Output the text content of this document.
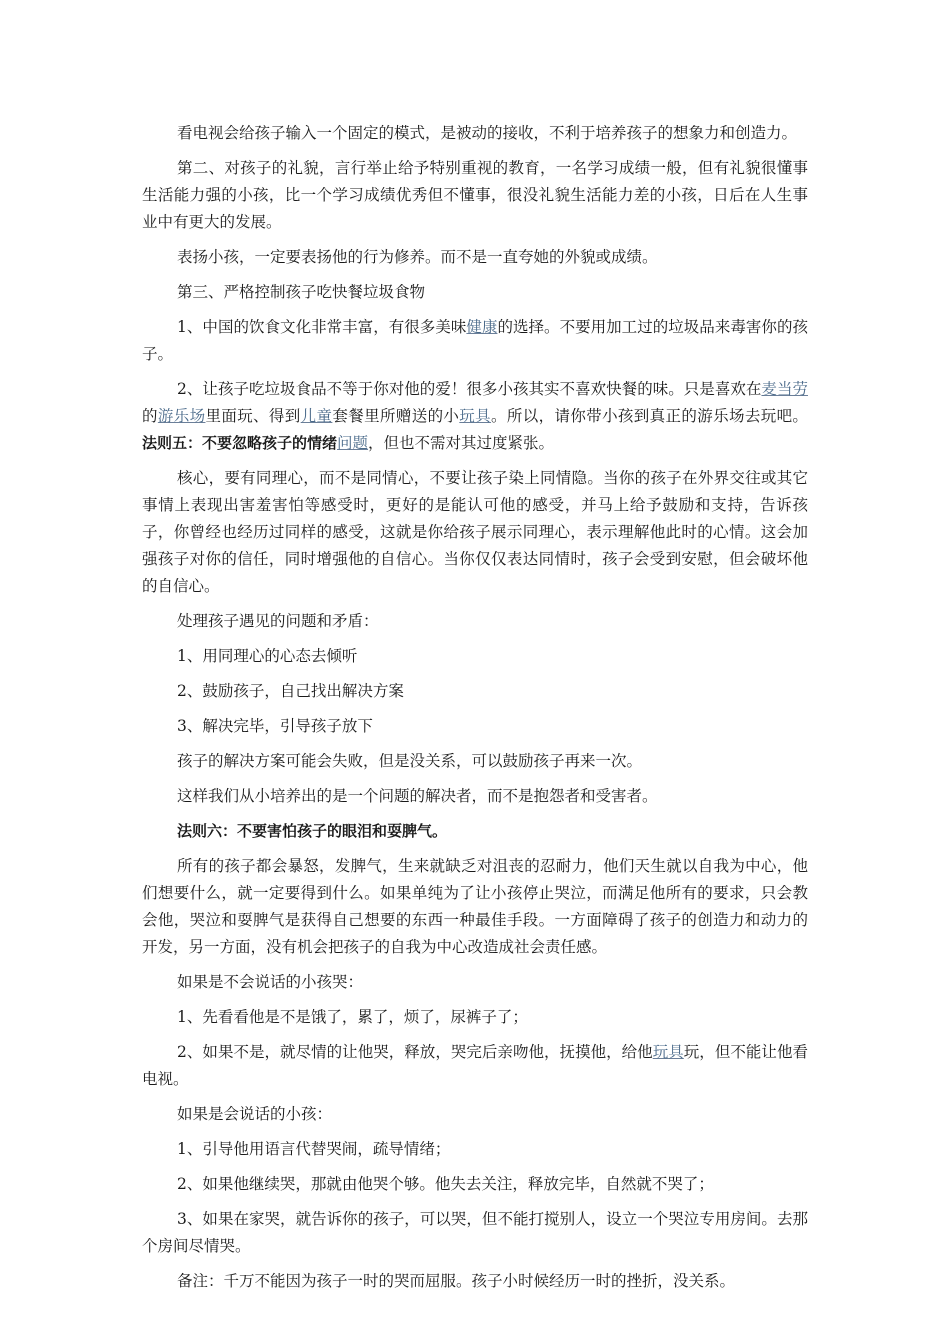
看电视会给孩子输入一个固定的模式，是被动的接收，不利于培养孩子的想象力和创造力。

第二、对孩子的礼貌，言行举止给予特别重视的教育，一名学习成绩一般，但有礼貌很懂事生活能力强的小孩，比一个学习成绩优秀但不懂事，很没礼貌生活能力差的小孩，日后在人生事业中有更大的发展。

表扬小孩，一定要表扬他的行为修养。而不是一直夸她的外貌或成绩。

第三、严格控制孩子吃快餐垃圾食物

1、中国的饮食文化非常丰富，有很多美味健康的选择。不要用加工过的垃圾品来毒害你的孩子。

2、让孩子吃垃圾食品不等于你对他的爱！很多小孩其实不喜欢快餐的味。只是喜欢在麦当劳的游乐场里面玩、得到儿童套餐里所赠送的小玩具。所以，请你带小孩到真正的游乐场去玩吧。法则五：不要忽略孩子的情绪问题，但也不需对其过度紧张。

核心，要有同理心，而不是同情心，不要让孩子染上同情隐。当你的孩子在外界交往或其它事情上表现出害羞害怕等感受时，更好的是能认可他的感受，并马上给予鼓励和支持，告诉孩子，你曾经也经历过同样的感受，这就是你给孩子展示同理心，表示理解他此时的心情。这会加强孩子对你的信任，同时增强他的自信心。当你仅仅表达同情时，孩子会受到安慰，但会破坏他的自信心。

处理孩子遇见的问题和矛盾：

1、用同理心的心态去倾听

2、鼓励孩子，自己找出解决方案

3、解决完毕，引导孩子放下

孩子的解决方案可能会失败，但是没关系，可以鼓励孩子再来一次。

这样我们从小培养出的是一个问题的解决者，而不是抱怨者和受害者。

法则六：不要害怕孩子的眼泪和耍脾气。

所有的孩子都会暴怒，发脾气，生来就缺乏对沮丧的忍耐力，他们天生就以自我为中心，他们想要什么，就一定要得到什么。如果单纯为了让小孩停止哭泣，而满足他所有的要求，只会教会他，哭泣和耍脾气是获得自己想要的东西一种最佳手段。一方面障碍了孩子的创造力和动力的开发，另一方面，没有机会把孩子的自我为中心改造成社会责任感。

如果是不会说话的小孩哭：

1、先看看他是不是饿了，累了，烦了，尿裤子了；

2、如果不是，就尽情的让他哭，释放，哭完后亲吻他，抚摸他，给他玩具玩，但不能让他看电视。

如果是会说话的小孩：

1、引导他用语言代替哭闹，疏导情绪；

2、如果他继续哭，那就由他哭个够。他失去关注，释放完毕，自然就不哭了；

3、如果在家哭，就告诉你的孩子，可以哭，但不能打搅别人，设立一个哭泣专用房间。去那个房间尽情哭。

备注：千万不能因为孩子一时的哭而屈服。孩子小时候经历一时的挫折，没关系。
